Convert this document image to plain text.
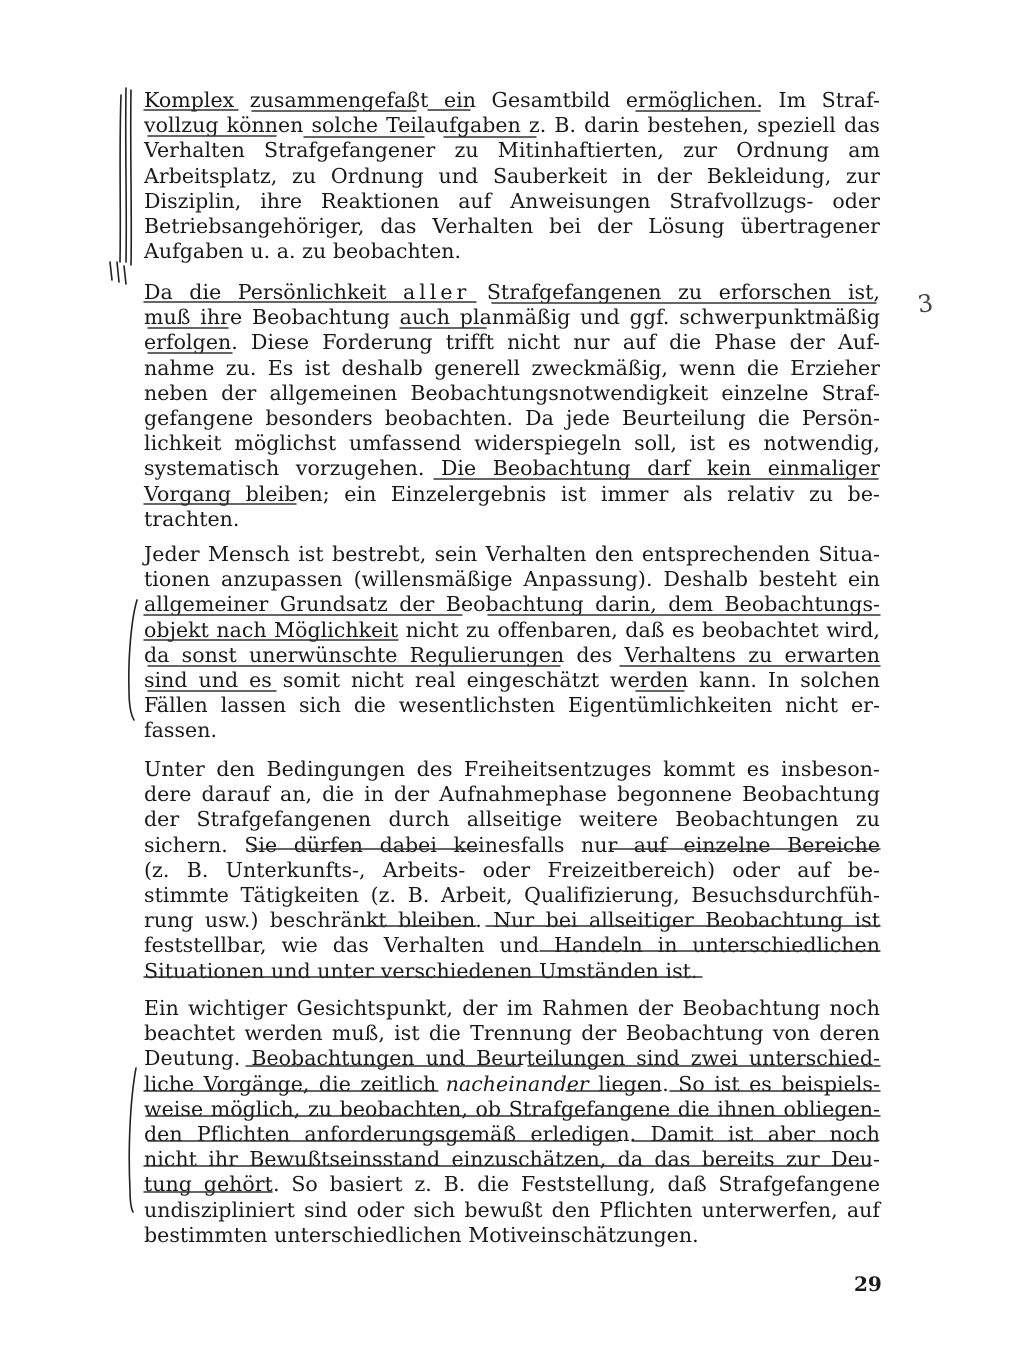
Komplex zusammengefaßt ein Gesamtbild ermöglichen. Im Straf-
vollzug können solche Teilaufgaben z. B. darin bestehen, speziell das
Verhalten Strafgefangener zu Mitinhaftierten, zur Ordnung am
Arbeitsplatz, zu Ordnung und Sauberkeit in der Bekleidung, zur
Disziplin, ihre Reaktionen auf Anweisungen Strafvollzugs- oder
Betriebsangehöriger, das Verhalten bei der Lösung übertragener
Aufgaben u. a. zu beobachten.
Da die Persönlichkeit aller Strafgefangenen zu erforschen ist,
muß ihre Beobachtung auch planmäßig und ggf. schwerpunktmäßig
erfolgen. Diese Forderung trifft nicht nur auf die Phase der Auf-
nahme zu. Es ist deshalb generell zweckmäßig, wenn die Erzieher
neben der allgemeinen Beobachtungsnotwendigkeit einzelne Straf-
gefangene besonders beobachten. Da jede Beurteilung die Persön-
lichkeit möglichst umfassend widerspiegeln soll, ist es notwendig,
systematisch vorzugehen. Die Beobachtung darf kein einmaliger
Vorgang bleiben; ein Einzelergebnis ist immer als relativ zu be-
trachten.
Jeder Mensch ist bestrebt, sein Verhalten den entsprechenden Situa-
tionen anzupassen (willensmäßige Anpassung). Deshalb besteht ein
allgemeiner Grundsatz der Beobachtung darin, dem Beobachtungs-
objekt nach Möglichkeit nicht zu offenbaren, daß es beobachtet wird,
da sonst unerwünschte Regulierungen des Verhaltens zu erwarten
sind und es somit nicht real eingeschätzt werden kann. In solchen
Fällen lassen sich die wesentlichsten Eigentümlichkeiten nicht er-
fassen.
Unter den Bedingungen des Freiheitsentzuges kommt es insbeson-
dere darauf an, die in der Aufnahmephase begonnene Beobachtung
der Strafgefangenen durch allseitige weitere Beobachtungen zu
sichern. Sie dürfen dabei keinesfalls nur auf einzelne Bereiche
(z. B. Unterkunfts-, Arbeits- oder Freizeitbereich) oder auf be-
stimmte Tätigkeiten (z. B. Arbeit, Qualifizierung, Besuchsdurchfüh-
rung usw.) beschränkt bleiben. Nur bei allseitiger Beobachtung ist
feststellbar, wie das Verhalten und Handeln in unterschiedlichen
Situationen und unter verschiedenen Umständen ist.
Ein wichtiger Gesichtspunkt, der im Rahmen der Beobachtung noch
beachtet werden muß, ist die Trennung der Beobachtung von deren
Deutung. Beobachtungen und Beurteilungen sind zwei unterschied-
liche Vorgänge, die zeitlich nacheinander liegen. So ist es beispiels-
weise möglich, zu beobachten, ob Strafgefangene die ihnen obliegen-
den Pflichten anforderungsgemäß erledigen. Damit ist aber noch
nicht ihr Bewußtseinsstand einzuschätzen, da das bereits zur Deu-
tung gehört. So basiert z. B. die Feststellung, daß Strafgefangene
undiszipliniert sind oder sich bewußt den Pflichten unterwerfen, auf
bestimmten unterschiedlichen Motiveinschätzungen.
29
3
